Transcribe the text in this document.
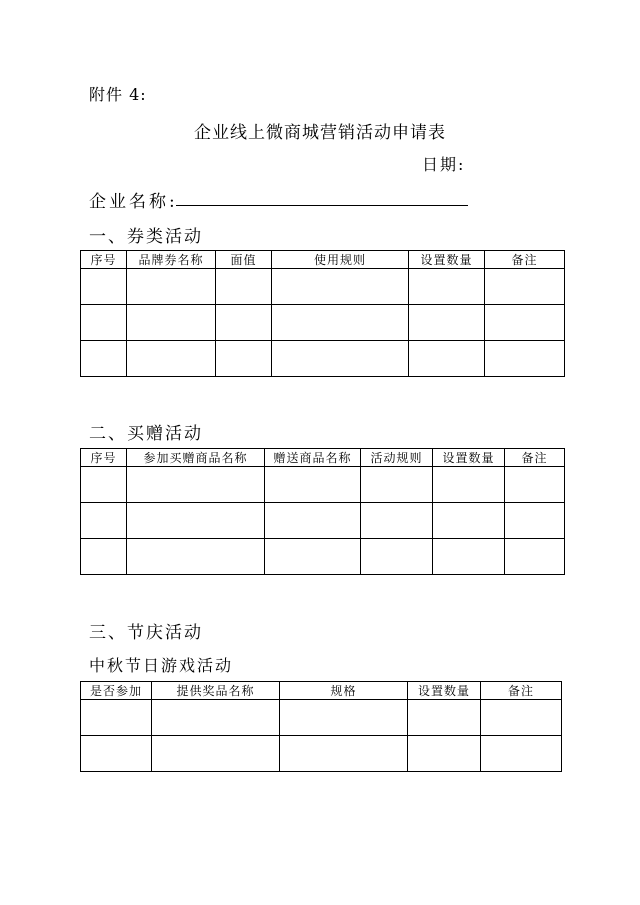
附件 4:

企业线上微商城营销活动申请表

日期:

企业名称:

一、券类活动

序号	品牌券名称	面值	使用规则	设置数量	备注

二、买赠活动

序号	参加买赠商品名称	赠送商品名称	活动规则	设置数量	备注

三、节庆活动

中秋节日游戏活动

是否参加	提供奖品名称	规格	设置数量	备注
